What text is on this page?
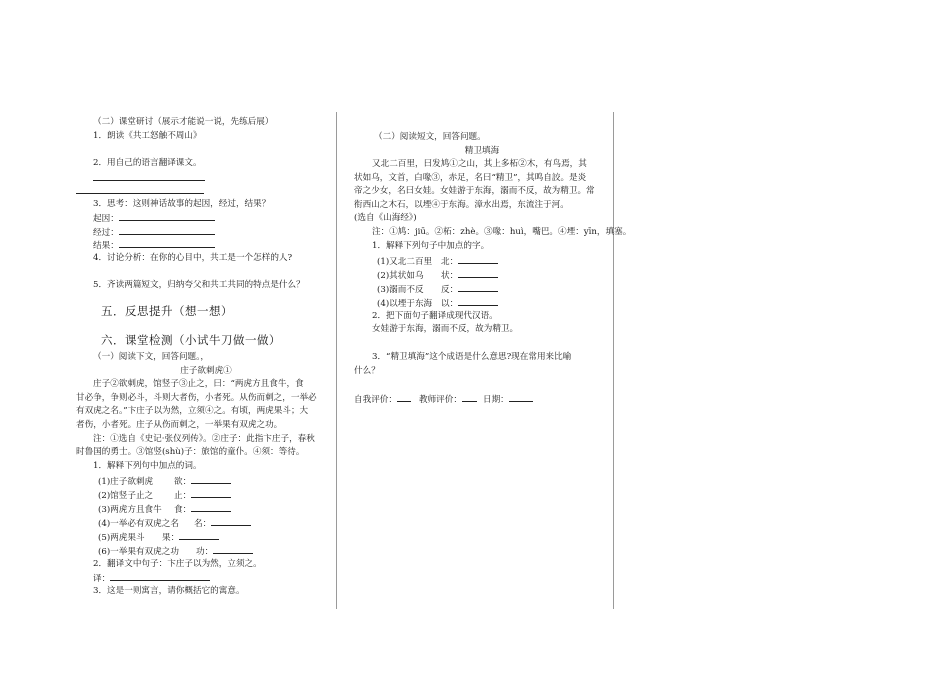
（二）课堂研讨（展示才能说一说，先练后展）
1．朗读《共工怒触不周山》
2．用自己的语言翻译课文。
3．思考：这则神话故事的起因，经过，结果？
起因：
经过：
结果：
4．讨论分析：在你的心目中，共工是一个怎样的人?
5．齐读两篇短文，归纳夸父和共工共同的特点是什么？
五．反思提升（想一想）
六．课堂检测（小试牛刀做一做）
（一）阅读下文，回答问题。，
庄子欲刺虎①
庄子②欲刺虎，馆竖子③止之，曰：“两虎方且食牛，食
甘必争，争则必斗，斗则大者伤，小者死。从伤而刺之，一举必
有双虎之名。”卞庄子以为然，立须④之。有顷，两虎果斗；大
者伤，小者死。庄子从伤而刺之，一举果有双虎之功。
注：①选自《史记·张仪列传》。②庄子：此指卞庄子，春秋
时鲁国的勇士。③馆竖(shù)子：旅馆的童仆。④须：等待。
1．解释下列句中加点的词。
(1)庄子欲刺虎 欲：
(2)馆竖子止之 止：
(3)两虎方且食牛 食：
(4)一举必有双虎之名 名：
(5)两虎果斗 果：
(6)一举果有双虎之功 功：
2．翻译文中句子：卞庄子以为然，立须之。
译：
3．这是一则寓言，请你概括它的寓意。
（二）阅读短文，回答问题。
精卫填海
又北二百里，曰发鸠①之山，其上多柘②木，有鸟焉，其
状如乌，文首，白喙③，赤足，名曰“精卫”，其鸣自詨。是炎
帝之少女，名曰女娃。女娃游于东海，溺而不反，故为精卫。常
衔西山之木石，以堙④于东海。漳水出焉，东流注于河。
(选自《山海经》)
注：①鸠：jiū。②柘：zhè。③喙：huì，嘴巴。④堙：yīn，填塞。
1．解释下列句子中加点的字。
(1)又北二百里 北：
(2)其状如乌 状：
(3)溺而不反 反：
(4)以堙于东海 以：
2．把下面句子翻译成现代汉语。
女娃游于东海，溺而不反，故为精卫。
3．“精卫填海”这个成语是什么意思?现在常用来比喻
什么？
自我评价：	教师评价： 日期：
